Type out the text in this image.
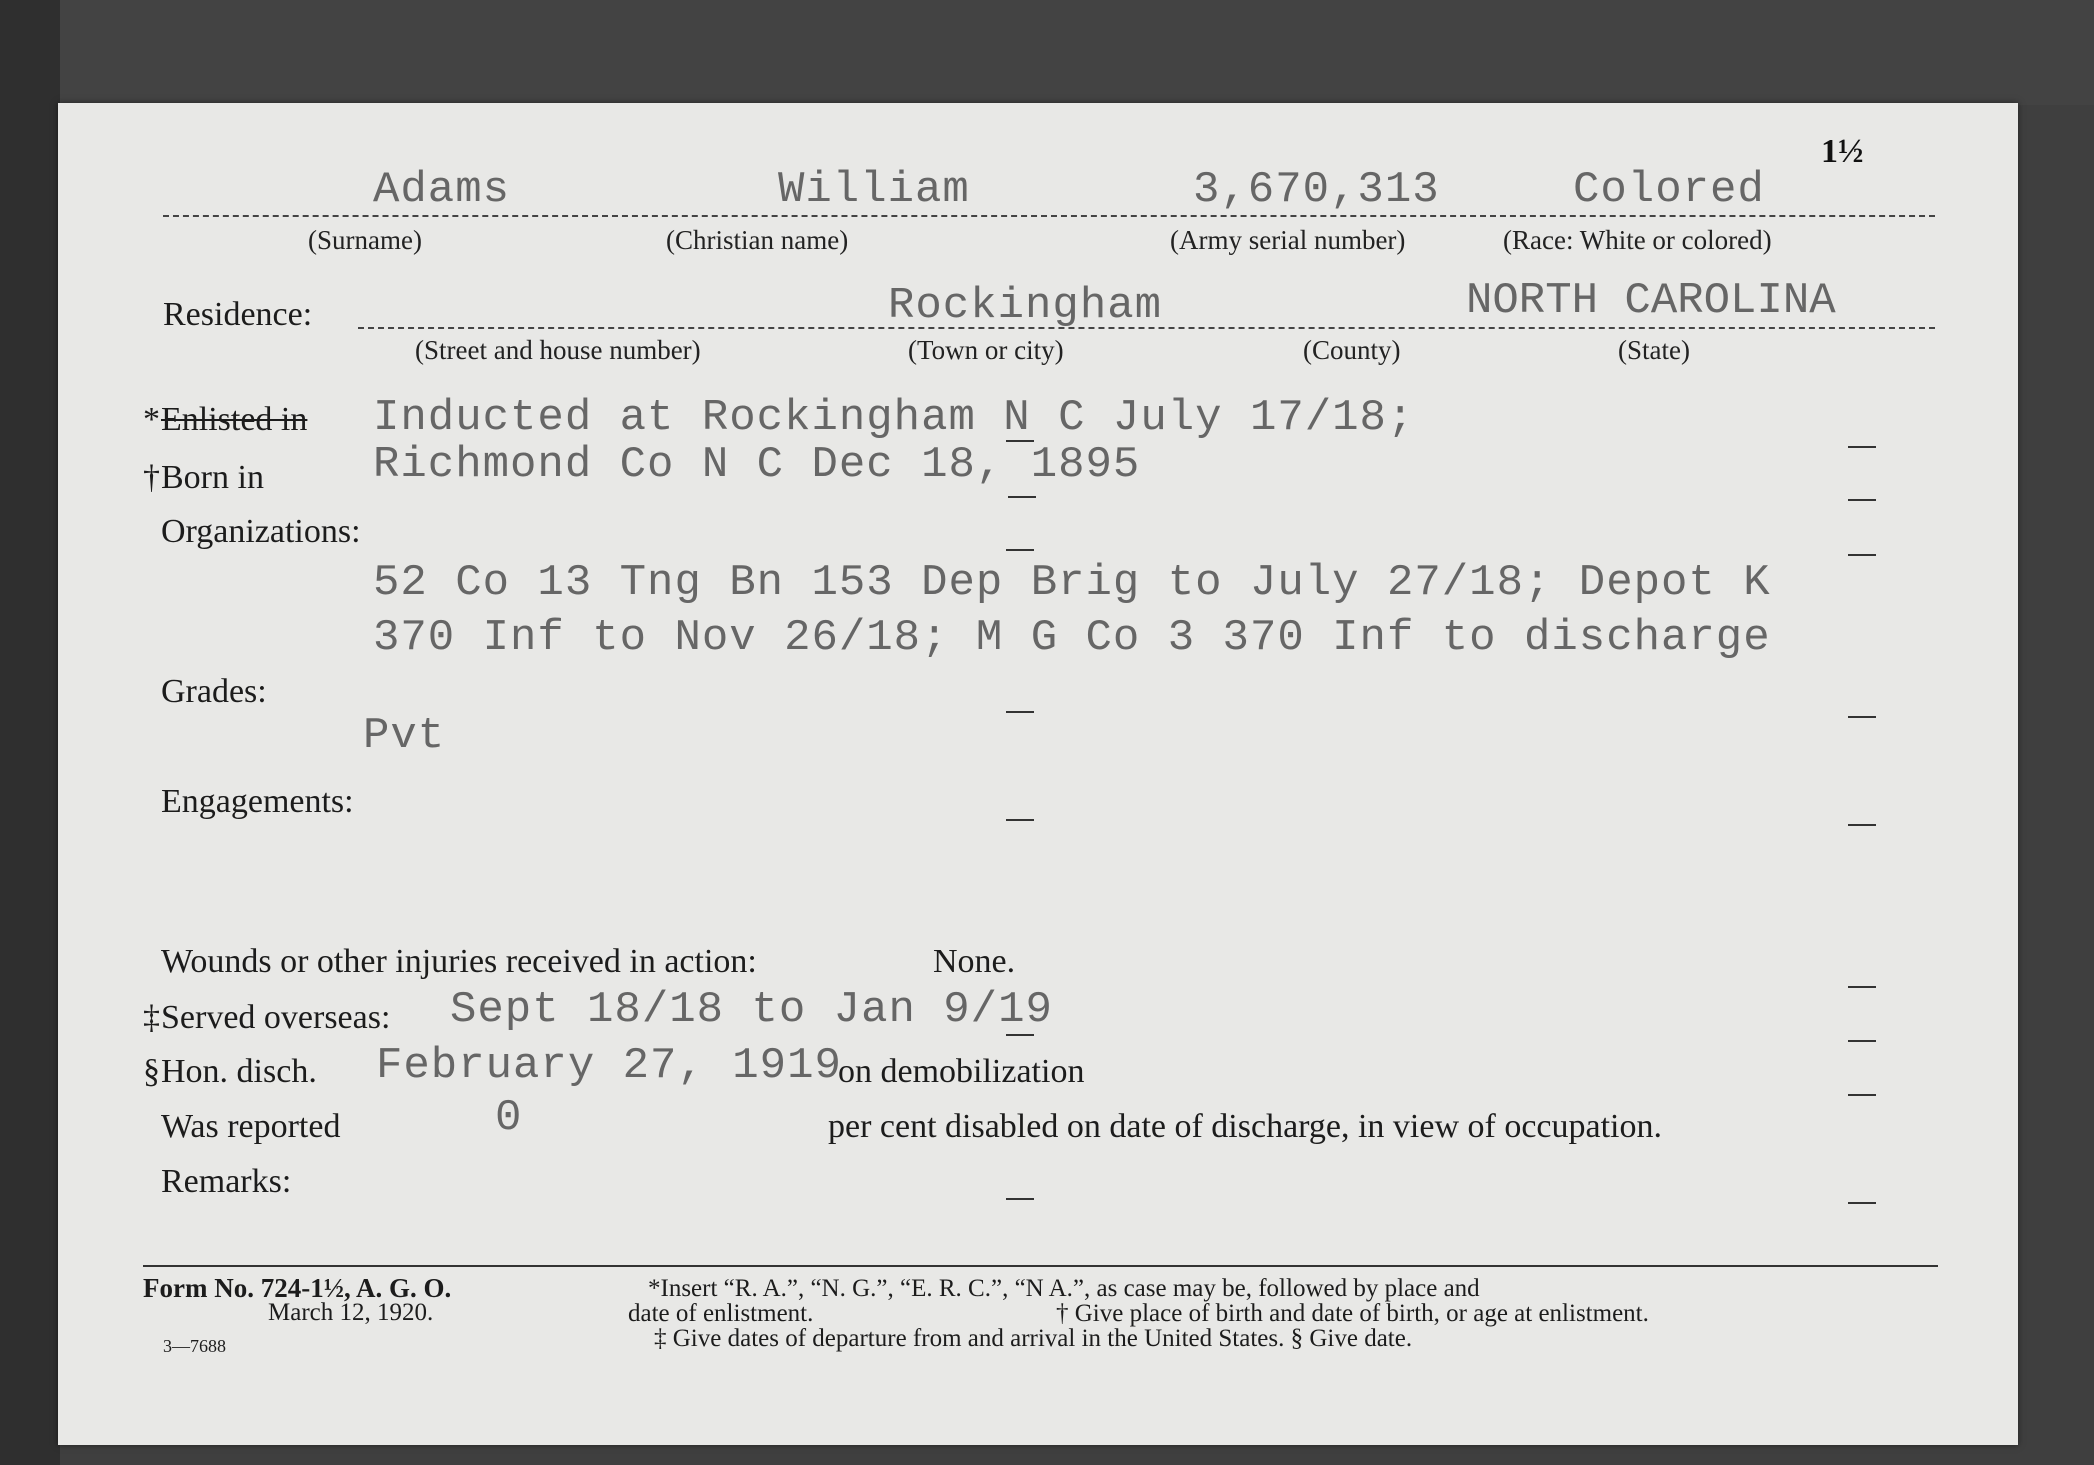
1½
Adams	William	3,670,313	Colored
(Surname)	(Christian name)	(Army serial number)	(Race: White or colored)
Residence:	Rockingham	NORTH CAROLINA
(Street and house number)	(Town or city)	(County)	(State)
* Enlisted in Inducted at Rockingham N C July 17/18;
† Born in Richmond Co N C Dec 18, 1895
Organizations:
52 Co 13 Tng Bn 153 Dep Brig to July 27/18; Depot K
370 Inf to Nov 26/18; M G Co 3 370 Inf to discharge
Grades:
Pvt
Engagements:
Wounds or other injuries received in action:	None.
‡ Served overseas: Sept 18/18 to Jan 9/19
§ Hon. disch. February 27, 1919
on demobilization
Was reported	0	per cent disabled on date of discharge, in view of occupation.
Remarks:
Form No. 724-1½, A. G. O.
March 12, 1920.
3—7688
*Insert “R. A.”, “N. G.”, “E. R. C.”, “N A.”, as case may be, followed by place and
date of enlistment.	† Give place of birth and date of birth, or age at enlistment.
‡ Give dates of departure from and arrival in the United States. § Give date.
